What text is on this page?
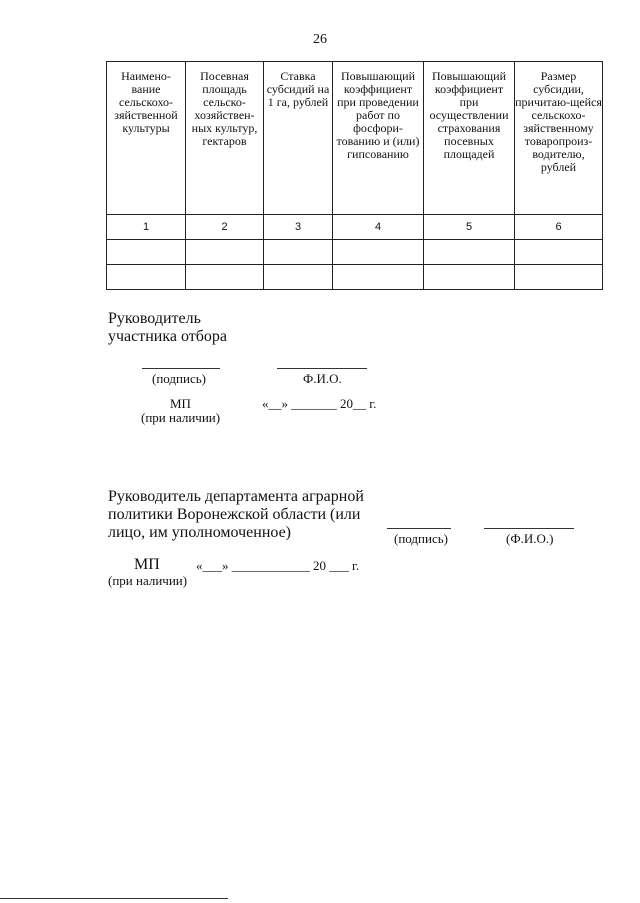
26
Наимено-вание сельскохо-зяйственной культуры	Посевная площадь сельско-хозяйствен-ных культур, гектаров	Ставка субсидий на 1 га, рублей	Повышающий коэффициент при проведении работ по фосфори-тованию и (или) гипсованию	Повышающий коэффициент при осуществлении страхования посевных площадей	Размер субсидии, причитаю-щейся сельскохо-зяйственному товаропроиз-водителю, рублей
1	2	3	4	5	6

Руководитель
участника отбора
(подпись)	Ф.И.О.
МП
(при наличии)
«__» _______ 20__ г.
Руководитель департамента аграрной
политики Воронежской области (или
лицо, им уполномоченное)	(подпись)	(Ф.И.О.)
МП
(при наличии)
«___» ____________ 20 ___ г.
